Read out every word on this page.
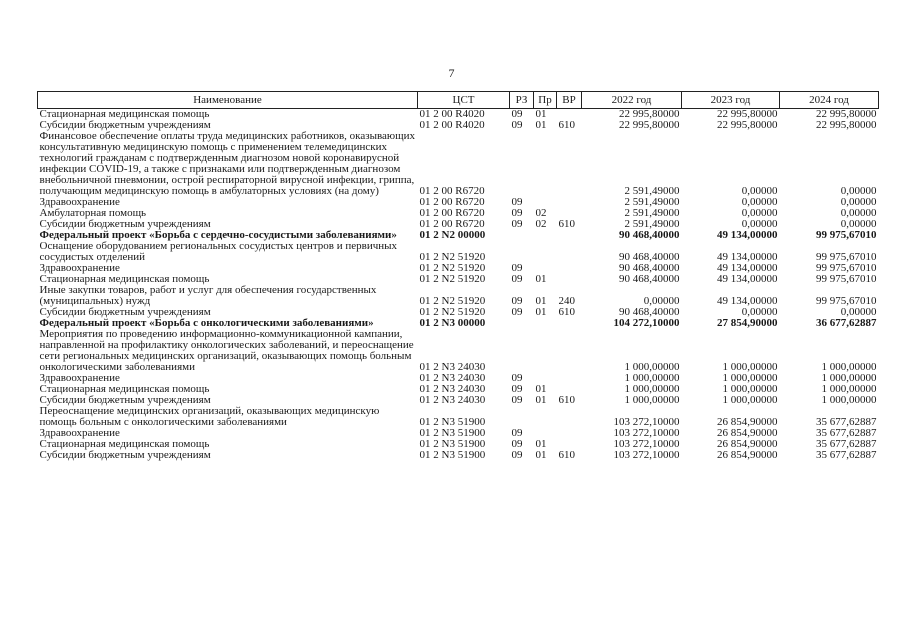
7
Наименование	ЦСТ	РЗ	Пр	ВР	2022 год	2023 год	2024 год
Стационарная медицинская помощь	01 2 00 R4020	09	01		22 995,80000	22 995,80000	22 995,80000
Субсидии бюджетным учреждениям	01 2 00 R4020	09	01	610	22 995,80000	22 995,80000	22 995,80000
Финансовое обеспечение оплаты труда медицинских работников, оказывающих консультативную медицинскую помощь с применением телемедицинских технологий гражданам с подтвержденным диагнозом новой коронавирусной инфекции COVID-19, а также с признаками или подтвержденным диагнозом внебольничной пневмонии, острой респираторной вирусной инфекции, гриппа, получающим медицинскую помощь в амбулаторных условиях (на дому)	01 2 00 R6720				2 591,49000	0,00000	0,00000
Здравоохранение	01 2 00 R6720	09			2 591,49000	0,00000	0,00000
Амбулаторная помощь	01 2 00 R6720	09	02		2 591,49000	0,00000	0,00000
Субсидии бюджетным учреждениям	01 2 00 R6720	09	02	610	2 591,49000	0,00000	0,00000
Федеральный проект «Борьба с сердечно-сосудистыми заболеваниями»	01 2 N2 00000				90 468,40000	49 134,00000	99 975,67010
Оснащение оборудованием региональных сосудистых центров и первичных сосудистых отделений	01 2 N2 51920				90 468,40000	49 134,00000	99 975,67010
Здравоохранение	01 2 N2 51920	09			90 468,40000	49 134,00000	99 975,67010
Стационарная медицинская помощь	01 2 N2 51920	09	01		90 468,40000	49 134,00000	99 975,67010
Иные закупки товаров, работ и услуг для обеспечения государственных (муниципальных) нужд	01 2 N2 51920	09	01	240	0,00000	49 134,00000	99 975,67010
Субсидии бюджетным учреждениям	01 2 N2 51920	09	01	610	90 468,40000	0,00000	0,00000
Федеральный проект «Борьба с онкологическими заболеваниями»	01 2 N3 00000				104 272,10000	27 854,90000	36 677,62887
Мероприятия по проведению информационно-коммуникационной кампании, направленной на профилактику онкологических заболеваний, и переоснащение сети региональных медицинских организаций, оказывающих помощь больным онкологическими заболеваниями	01 2 N3 24030				1 000,00000	1 000,00000	1 000,00000
Здравоохранение	01 2 N3 24030	09			1 000,00000	1 000,00000	1 000,00000
Стационарная медицинская помощь	01 2 N3 24030	09	01		1 000,00000	1 000,00000	1 000,00000
Субсидии бюджетным учреждениям	01 2 N3 24030	09	01	610	1 000,00000	1 000,00000	1 000,00000
Переоснащение медицинских организаций, оказывающих медицинскую помощь больным с онкологическими заболеваниями	01 2 N3 51900				103 272,10000	26 854,90000	35 677,62887
Здравоохранение	01 2 N3 51900	09			103 272,10000	26 854,90000	35 677,62887
Стационарная медицинская помощь	01 2 N3 51900	09	01		103 272,10000	26 854,90000	35 677,62887
Субсидии бюджетным учреждениям	01 2 N3 51900	09	01	610	103 272,10000	26 854,90000	35 677,62887
